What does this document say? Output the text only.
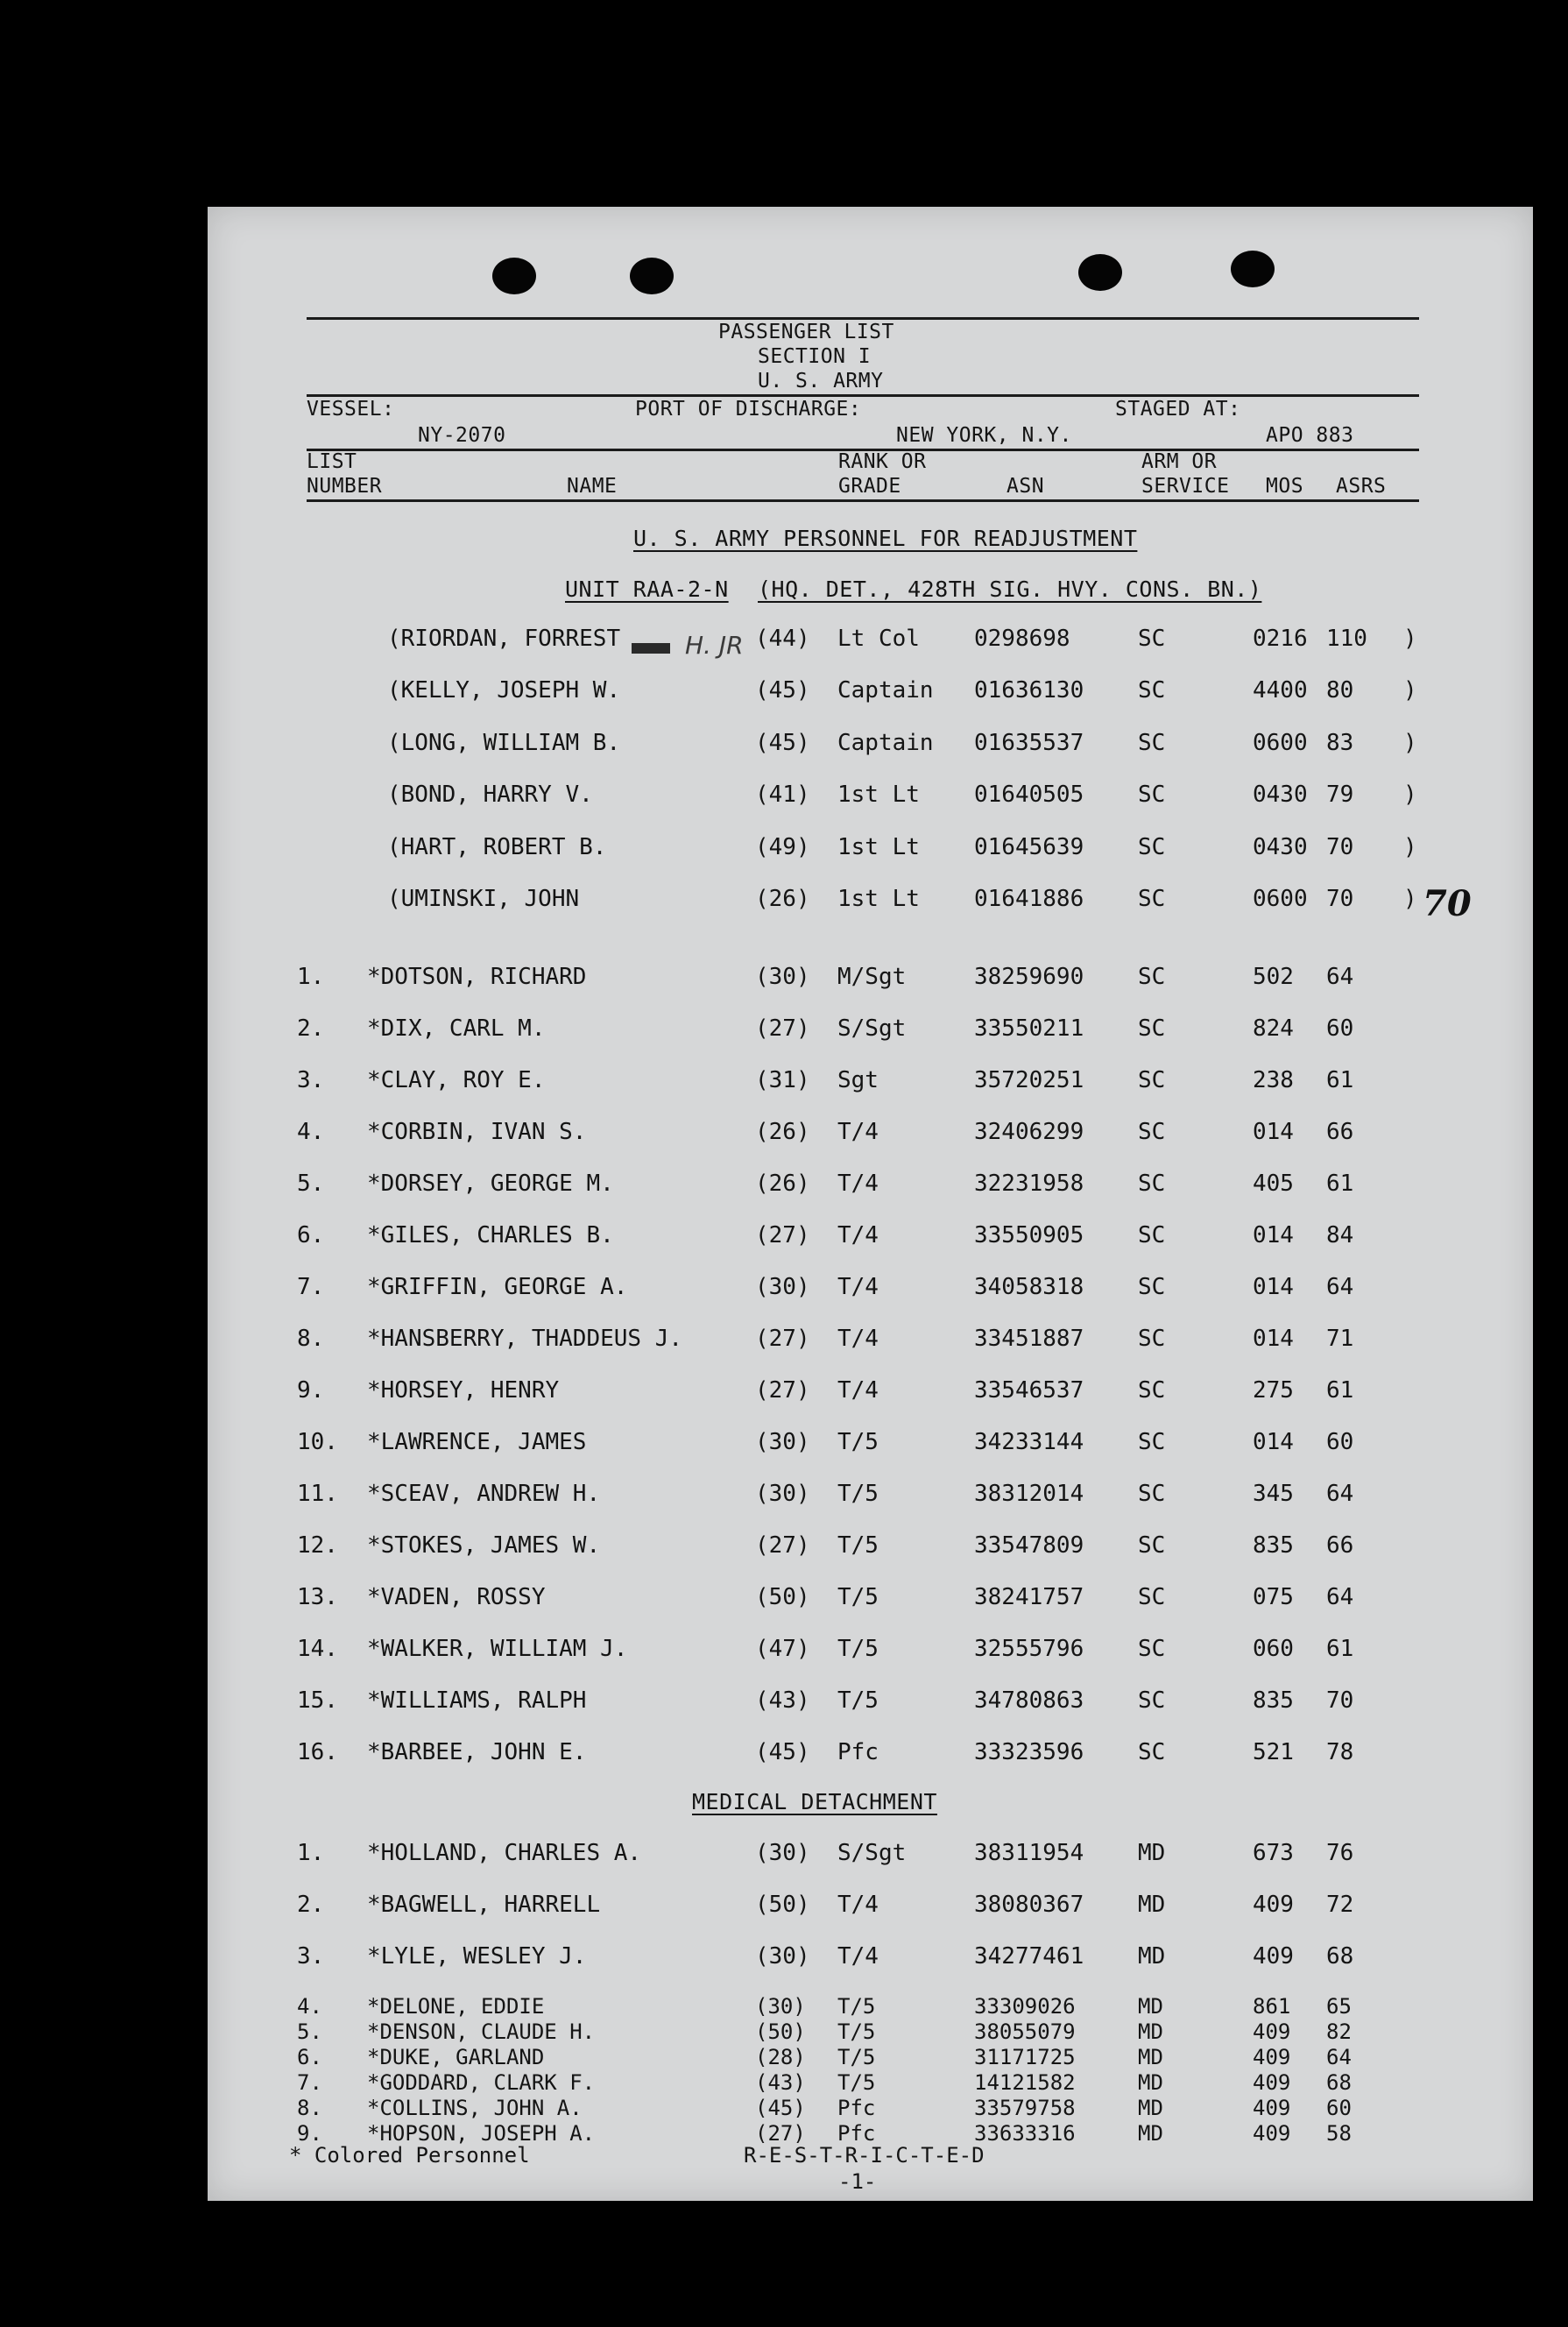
PASSENGER LIST
SECTION I
U. S. ARMY
VESSEL:	PORT OF DISCHARGE:	STAGED AT:
NY-2070	NEW YORK, N.Y.	APO 883
LIST
NUMBER	NAME
RANK OR
GRADE	ASN
ARM OR
SERVICE MOS ASRS
U. S. ARMY PERSONNEL FOR READJUSTMENT
UNIT RAA-2-N (HQ. DET., 428TH SIG. HVY. CONS. BN.)
(RIORDAN, FORREST	(44) Lt Col 0298698	SC	0216 110 )
(KELLY, JOSEPH W.	(45) Captain 01636130 SC	4400 80 )
(LONG, WILLIAM B.	(45) Captain 01635537 SC	0600 83 )
(BOND, HARRY V.	(41) 1st Lt 01640505 SC	0430 79 )
(HART, ROBERT B.	(49) 1st Lt 01645639 SC	0430 70 )
(UMINSKI, JOHN	(26) 1st Lt 01641886 SC	0600 70 )
1. *DOTSON, RICHARD	(30) M/Sgt	38259690 SC	502 64
2. *DIX, CARL M.	(27) S/Sgt	33550211 SC	824 60
3. *CLAY, ROY E.	(31) Sgt	35720251 SC	238 61
4. *CORBIN, IVAN S.	(26) T/4	32406299 SC	014 66
5. *DORSEY, GEORGE M.	(26) T/4	32231958 SC	405 61
6. *GILES, CHARLES B.	(27) T/4	33550905 SC	014 84
7. *GRIFFIN, GEORGE A.	(30) T/4	34058318 SC	014 64
8. *HANSBERRY, THADDEUS J.	(27) T/4	33451887 SC	014 71
9. *HORSEY, HENRY	(27) T/4	33546537 SC	275 61
10. *LAWRENCE, JAMES	(30) T/5	34233144 SC	014 60
11. *SCEAV, ANDREW H.	(30) T/5	38312014 SC	345 64
12. *STOKES, JAMES W.	(27) T/5	33547809 SC	835 66
13. *VADEN, ROSSY	(50) T/5	38241757 SC	075 64
14. *WALKER, WILLIAM J.	(47) T/5	32555796 SC	060 61
15. *WILLIAMS, RALPH	(43) T/5	34780863 SC	835 70
16. *BARBEE, JOHN E.	(45) Pfc	33323596 SC	521 78
MEDICAL DETACHMENT
1. *HOLLAND, CHARLES A.	(30) S/Sgt	38311954 MD	673 76
2. *BAGWELL, HARRELL	(50) T/4	38080367 MD	409 72
3. *LYLE, WESLEY J.	(30) T/4	34277461 MD	409 68
4. *DELONE, EDDIE	(30) T/5	33309026	MD	861 65
5. *DENSON, CLAUDE H.	(50) T/5	38055079	MD	409 82
6. *DUKE, GARLAND	(28) T/5	31171725	MD	409 64
7. *GODDARD, CLARK F.	(43) T/5	14121582	MD	409 68
8. *COLLINS, JOHN A.	(45) Pfc	33579758	MD	409 60
9. *HOPSON, JOSEPH A.	(27) Pfc	33633316	MD	409 58
H. JR
70
* Colored Personnel	R-E-S-T-R-I-C-T-E-D
-1-
